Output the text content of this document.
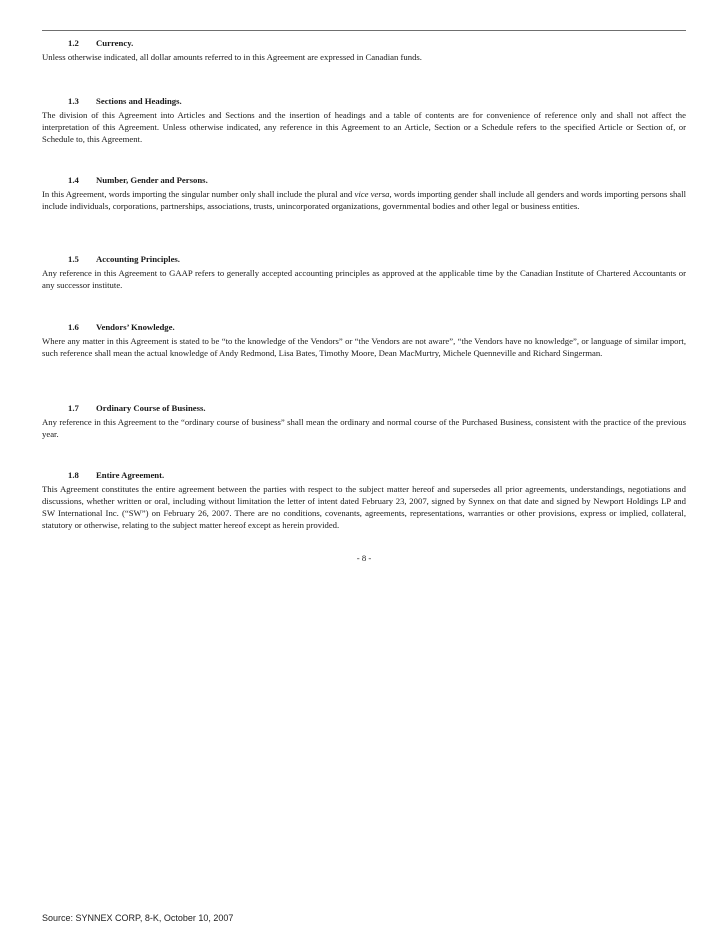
1.2 Currency.

Unless otherwise indicated, all dollar amounts referred to in this Agreement are expressed in Canadian funds.

1.3 Sections and Headings.

The division of this Agreement into Articles and Sections and the insertion of headings and a table of contents are for convenience of reference only and shall not affect the interpretation of this Agreement. Unless otherwise indicated, any reference in this Agreement to an Article, Section or a Schedule refers to the specified Article or Section of, or Schedule to, this Agreement.

1.4 Number, Gender and Persons.

In this Agreement, words importing the singular number only shall include the plural and vice versa, words importing gender shall include all genders and words importing persons shall include individuals, corporations, partnerships, associations, trusts, unincorporated organizations, governmental bodies and other legal or business entities.

1.5 Accounting Principles.

Any reference in this Agreement to GAAP refers to generally accepted accounting principles as approved at the applicable time by the Canadian Institute of Chartered Accountants or any successor institute.

1.6 Vendors’ Knowledge.

Where any matter in this Agreement is stated to be “to the knowledge of the Vendors” or “the Vendors are not aware”, “the Vendors have no knowledge”, or language of similar import, such reference shall mean the actual knowledge of Andy Redmond, Lisa Bates, Timothy Moore, Dean MacMurtry, Michele Quenneville and Richard Singerman.

1.7 Ordinary Course of Business.

Any reference in this Agreement to the “ordinary course of business” shall mean the ordinary and normal course of the Purchased Business, consistent with the practice of the previous year.

1.8 Entire Agreement.

This Agreement constitutes the entire agreement between the parties with respect to the subject matter hereof and supersedes all prior agreements, understandings, negotiations and discussions, whether written or oral, including without limitation the letter of intent dated February 23, 2007, signed by Synnex on that date and signed by Newport Holdings LP and SW International Inc. (“SW”) on February 26, 2007. There are no conditions, covenants, agreements, representations, warranties or other provisions, express or implied, collateral, statutory or otherwise, relating to the subject matter hereof except as herein provided.

- 8 -
Source: SYNNEX CORP, 8-K, October 10, 2007
